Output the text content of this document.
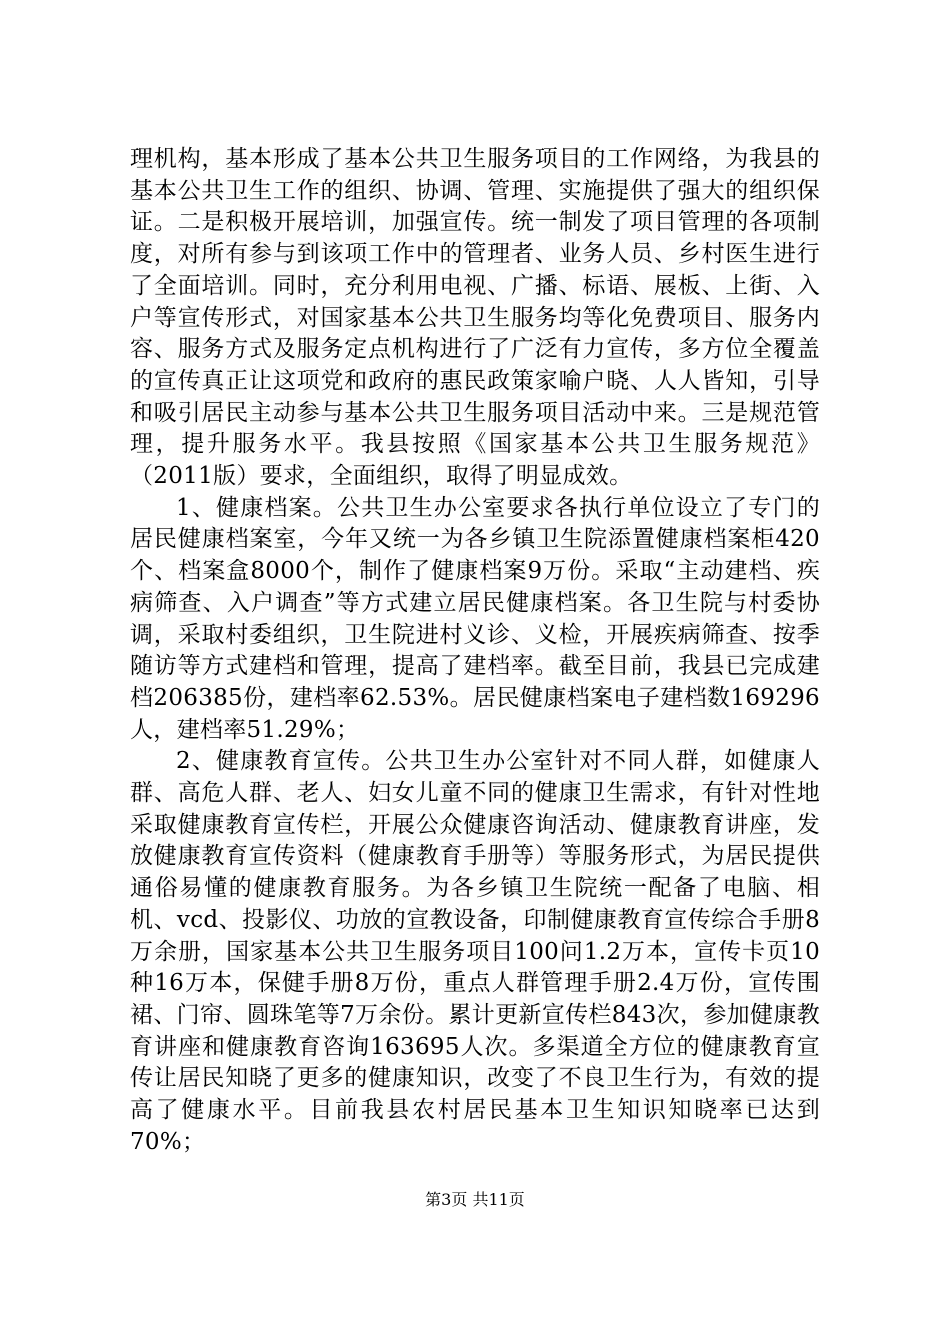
理机构，基本形成了基本公共卫生服务项目的工作网络，为我县的基本公共卫生工作的组织、协调、管理、实施提供了强大的组织保证。二是积极开展培训，加强宣传。统一制发了项目管理的各项制度，对所有参与到该项工作中的管理者、业务人员、乡村医生进行了全面培训。同时，充分利用电视、广播、标语、展板、上街、入户等宣传形式，对国家基本公共卫生服务均等化免费项目、服务内容、服务方式及服务定点机构进行了广泛有力宣传，多方位全覆盖的宣传真正让这项党和政府的惠民政策家喻户晓、人人皆知，引导和吸引居民主动参与基本公共卫生服务项目活动中来。三是规范管理，提升服务水平。我县按照《国家基本公共卫生服务规范》（2011版）要求，全面组织，取得了明显成效。

1、健康档案。公共卫生办公室要求各执行单位设立了专门的居民健康档案室，今年又统一为各乡镇卫生院添置健康档案柜420个、档案盒8000个，制作了健康档案9万份。采取“主动建档、疾病筛查、入户调查”等方式建立居民健康档案。各卫生院与村委协调，采取村委组织，卫生院进村义诊、义检，开展疾病筛查、按季随访等方式建档和管理，提高了建档率。截至目前，我县已完成建档206385份，建档率62.53%。居民健康档案电子建档数169296人，建档率51.29%；

2、健康教育宣传。公共卫生办公室针对不同人群，如健康人群、高危人群、老人、妇女儿童不同的健康卫生需求，有针对性地采取健康教育宣传栏，开展公众健康咨询活动、健康教育讲座，发放健康教育宣传资料（健康教育手册等）等服务形式，为居民提供通俗易懂的健康教育服务。为各乡镇卫生院统一配备了电脑、相机、vcd、投影仪、功放的宣教设备，印制健康教育宣传综合手册8万余册，国家基本公共卫生服务项目100问1.2万本，宣传卡页10种16万本，保健手册8万份，重点人群管理手册2.4万份，宣传围裙、门帘、圆珠笔等7万余份。累计更新宣传栏843次，参加健康教育讲座和健康教育咨询163695人次。多渠道全方位的健康教育宣传让居民知晓了更多的健康知识，改变了不良卫生行为，有效的提高了健康水平。目前我县农村居民基本卫生知识知晓率已达到70%；

第3页 共11页
